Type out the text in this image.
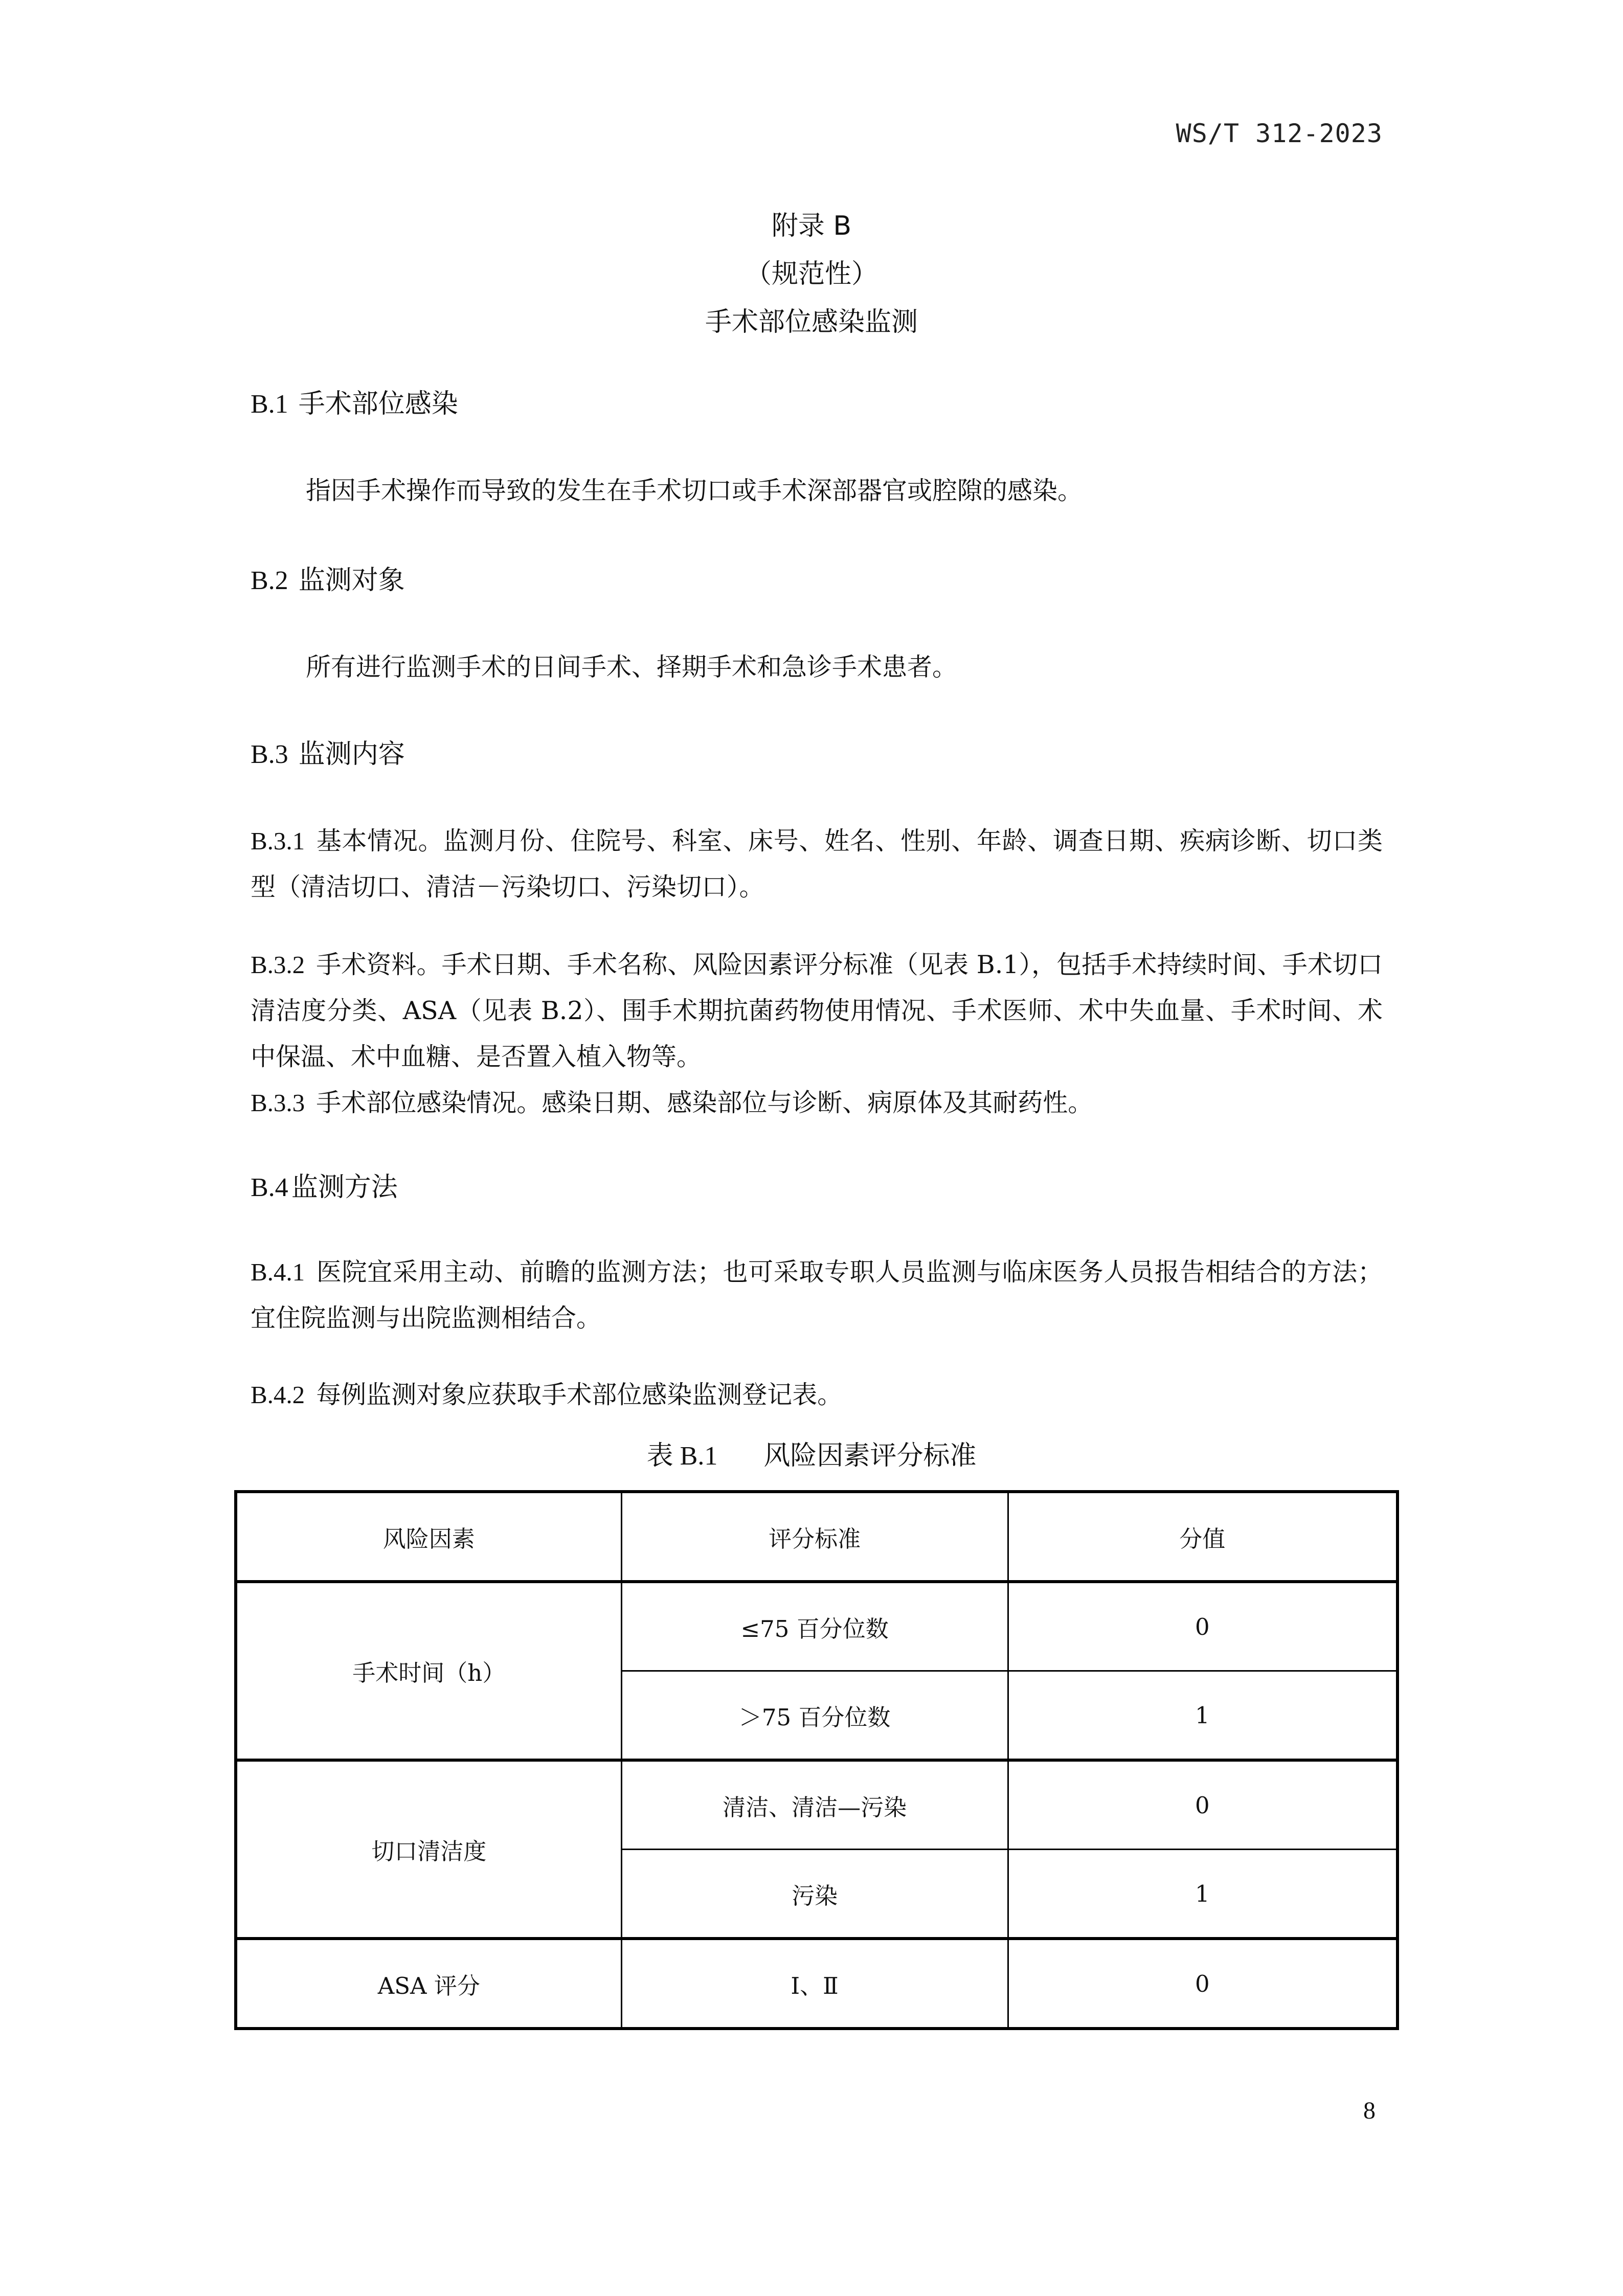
WS/T 312-2023
附录 B
（规范性）
手术部位感染监测
B.1 手术部位感染
指因手术操作而导致的发生在手术切口或手术深部器官或腔隙的感染。
B.2 监测对象
所有进行监测手术的日间手术、择期手术和急诊手术患者。
B.3 监测内容
B.3.1 基本情况。监测月份、住院号、科室、床号、姓名、性别、年龄、调查日期、疾病诊断、切口类型（清洁切口、清洁－污染切口、污染切口）。
B.3.2 手术资料。手术日期、手术名称、风险因素评分标准（见表 B.1），包括手术持续时间、手术切口清洁度分类、ASA（见表 B.2）、围手术期抗菌药物使用情况、手术医师、术中失血量、手术时间、术中保温、术中血糖、是否置入植入物等。
B.3.3 手术部位感染情况。感染日期、感染部位与诊断、病原体及其耐药性。
B.4 监测方法
B.4.1 医院宜采用主动、前瞻的监测方法；也可采取专职人员监测与临床医务人员报告相结合的方法；宜住院监测与出院监测相结合。
B.4.2 每例监测对象应获取手术部位感染监测登记表。
表 B.1 风险因素评分标准
风险因素	评分标准	分值
手术时间（h）	≤75 百分位数	0
	＞75 百分位数	1
切口清洁度	清洁、清洁—污染	0
	污染	1
ASA 评分	Ⅰ、Ⅱ	0
8
